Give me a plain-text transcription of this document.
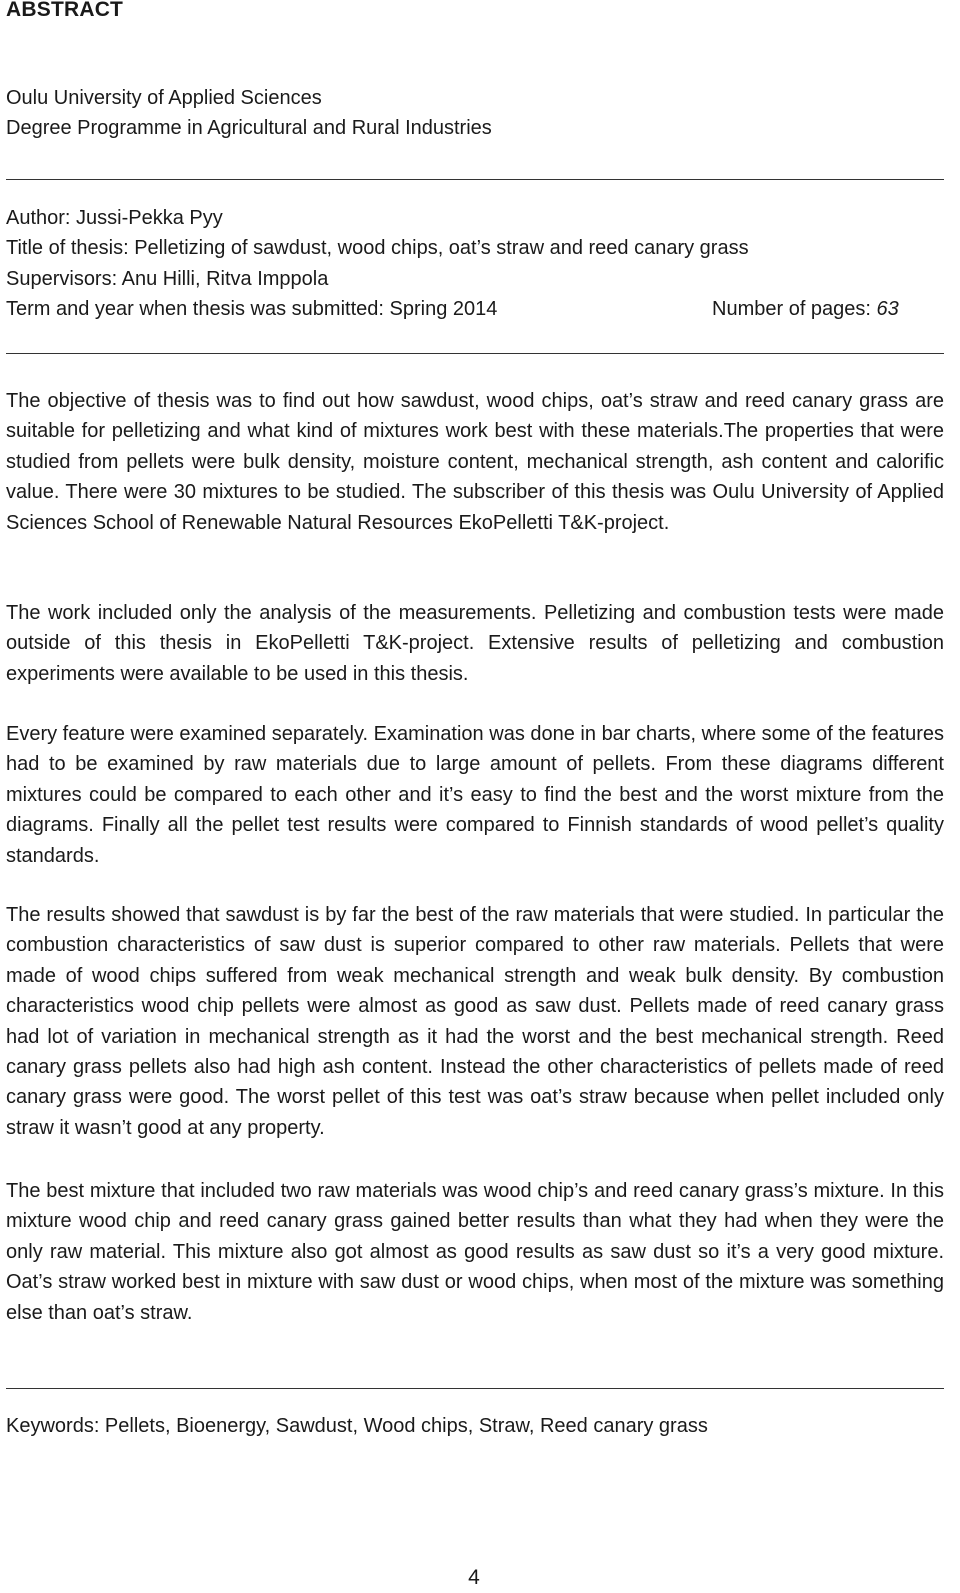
ABSTRACT

Oulu University of Applied Sciences

Degree Programme in Agricultural and Rural Industries

Author: Jussi-Pekka Pyy

Title of thesis: Pelletizing of sawdust, wood chips, oat’s straw and reed canary grass

Supervisors: Anu Hilli, Ritva Imppola

Term and year when thesis was submitted: Spring 2014	Number of pages: 63

The objective of thesis was to find out how sawdust, wood chips, oat’s straw and reed canary grass are suitable for pelletizing and what kind of mixtures work best with these materials.The properties that were studied from pellets were bulk density, moisture content, mechanical strength, ash content and calorific value. There were 30 mixtures to be studied. The subscriber of this thesis was Oulu University of Applied Sciences School of Renewable Natural Resources EkoPelletti T&K-project.

The work included only the analysis of the measurements. Pelletizing and combustion tests were made outside of this thesis in EkoPelletti T&K-project. Extensive results of pelletizing and combustion experiments were available to be used in this thesis.

Every feature were examined separately. Examination was done in bar charts, where some of the features had to be examined by raw materials due to large amount of pellets. From these diagrams different mixtures could be compared to each other and it’s easy to find the best and the worst mixture from the diagrams. Finally all the pellet test results were compared to Finnish standards of wood pellet’s quality standards.

The results showed that sawdust is by far the best of the raw materials that were studied. In particular the combustion characteristics of saw dust is superior compared to other raw materials. Pellets that were made of wood chips suffered from weak mechanical strength and weak bulk density. By combustion characteristics wood chip pellets were almost as good as saw dust. Pellets made of reed canary grass had lot of variation in mechanical strength as it had the worst and the best mechanical strength. Reed canary grass pellets also had high ash content. Instead the other characteristics of pellets made of reed canary grass were good. The worst pellet of this test was oat’s straw because when pellet included only straw it wasn’t good at any property.

The best mixture that included two raw materials was wood chip’s and reed canary grass’s mixture. In this mixture wood chip and reed canary grass gained better results than what they had when they were the only raw material. This mixture also got almost as good results as saw dust so it’s a very good mixture. Oat’s straw worked best in mixture with saw dust or wood chips, when most of the mixture was something else than oat’s straw.

Keywords: Pellets, Bioenergy, Sawdust, Wood chips, Straw, Reed canary grass

4
